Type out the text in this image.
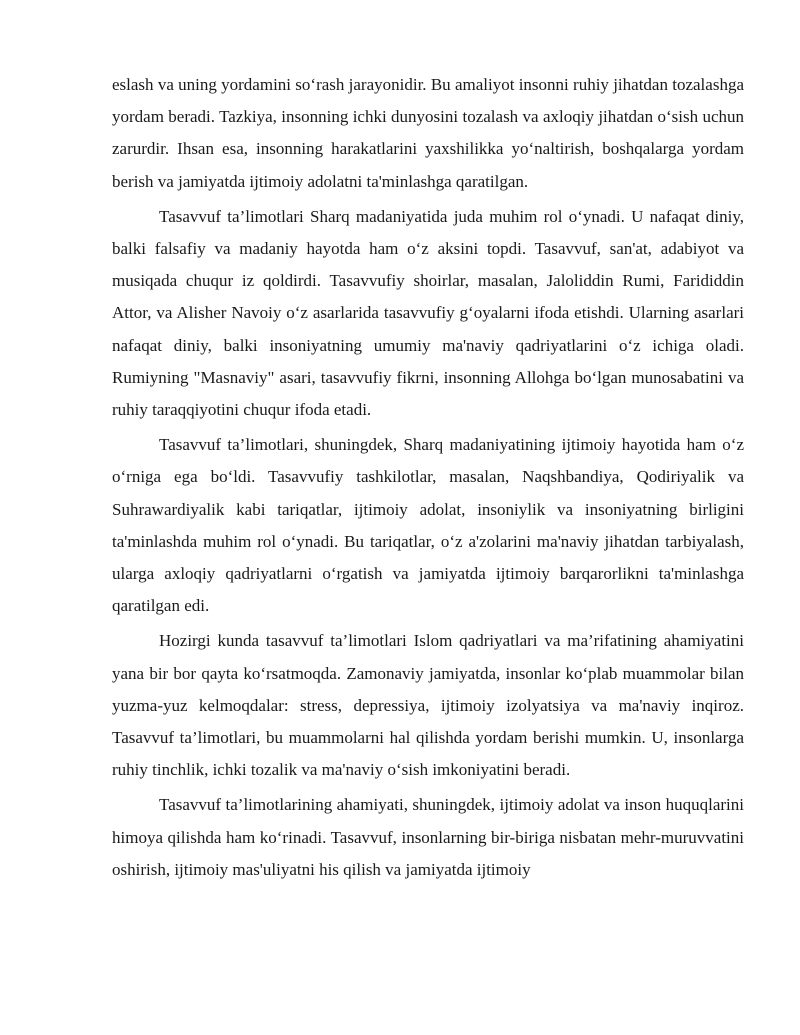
eslash va uning yordamini so‘rash jarayonidir. Bu amaliyot insonni ruhiy jihatdan tozalashga yordam beradi. Tazkiya, insonning ichki dunyosini tozalash va axloqiy jihatdan o‘sish uchun zarurdir. Ihsan esa, insonning harakatlarini yaxshilikka yo‘naltirish, boshqalarga yordam berish va jamiyatda ijtimoiy adolatni ta'minlashga qaratilgan.

Tasavvuf ta’limotlari Sharq madaniyatida juda muhim rol o‘ynadi. U nafaqat diniy, balki falsafiy va madaniy hayotda ham o‘z aksini topdi. Tasavvuf, san'at, adabiyot va musiqada chuqur iz qoldirdi. Tasavvufiy shoirlar, masalan, Jaloliddin Rumi, Farididdin Attor, va Alisher Navoiy o‘z asarlarida tasavvufiy g‘oyalarni ifoda etishdi. Ularning asarlari nafaqat diniy, balki insoniyatning umumiy ma'naviy qadriyatlarini o‘z ichiga oladi. Rumiyning "Masnaviy" asari, tasavvufiy fikrni, insonning Allohga bo‘lgan munosabatini va ruhiy taraqqiyotini chuqur ifoda etadi.

Tasavvuf ta’limotlari, shuningdek, Sharq madaniyatining ijtimoiy hayotida ham o‘z o‘rniga ega bo‘ldi. Tasavvufiy tashkilotlar, masalan, Naqshbandiya, Qodiriyalik va Suhrawardiyalik kabi tariqatlar, ijtimoiy adolat, insoniylik va insoniyatning birligini ta'minlashda muhim rol o‘ynadi. Bu tariqatlar, o‘z a'zolarini ma'naviy jihatdan tarbiyalash, ularga axloqiy qadriyatlarni o‘rgatish va jamiyatda ijtimoiy barqarorlikni ta'minlashga qaratilgan edi.

Hozirgi kunda tasavvuf ta’limotlari Islom qadriyatlari va ma’rifatining ahamiyatini yana bir bor qayta ko‘rsatmoqda. Zamonaviy jamiyatda, insonlar ko‘plab muammolar bilan yuzma-yuz kelmoqdalar: stress, depressiya, ijtimoiy izolyatsiya va ma'naviy inqiroz. Tasavvuf ta’limotlari, bu muammolarni hal qilishda yordam berishi mumkin. U, insonlarga ruhiy tinchlik, ichki tozalik va ma'naviy o‘sish imkoniyatini beradi.

Tasavvuf ta’limotlarining ahamiyati, shuningdek, ijtimoiy adolat va inson huquqlarini himoya qilishda ham ko‘rinadi. Tasavvuf, insonlarning bir-biriga nisbatan mehr-muruvvatini oshirish, ijtimoiy mas'uliyatni his qilish va jamiyatda ijtimoiy
